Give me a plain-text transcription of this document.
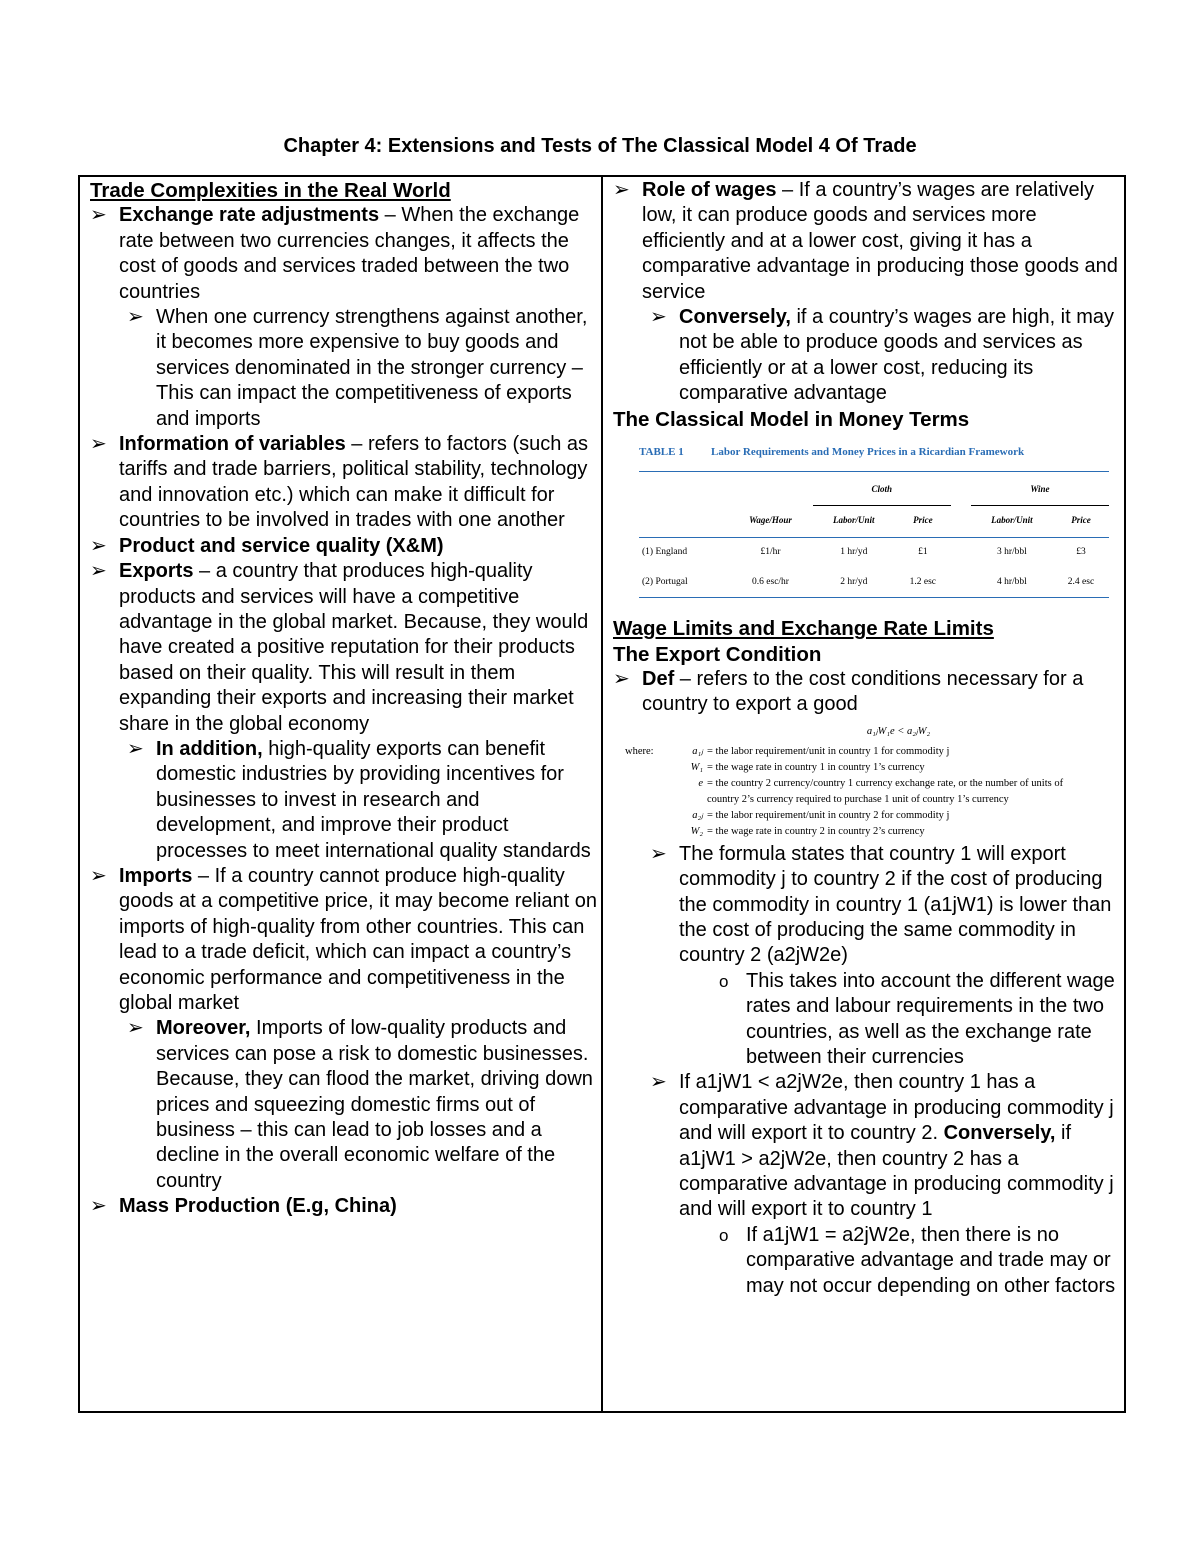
Chapter 4: Extensions and Tests of The Classical Model 4 Of Trade
Trade Complexities in the Real World
➢ Exchange rate adjustments – When the exchange rate between two currencies changes, it affects the cost of goods and services traded between the two countries
➢ When one currency strengthens against another, it becomes more expensive to buy goods and services denominated in the stronger currency – This can impact the competitiveness of exports and imports
➢ Information of variables – refers to factors (such as tariffs and trade barriers, political stability, technology and innovation etc.) which can make it difficult for countries to be involved in trades with one another
➢ Product and service quality (X&M)
➢ Exports – a country that produces high-quality products and services will have a competitive advantage in the global market. Because, they would have created a positive reputation for their products based on their quality. This will result in them expanding their exports and increasing their market share in the global economy
➢ In addition, high-quality exports can benefit domestic industries by providing incentives for businesses to invest in research and development, and improve their product processes to meet international quality standards
➢ Imports – If a country cannot produce high-quality goods at a competitive price, it may become reliant on imports of high-quality from other countries. This can lead to a trade deficit, which can impact a country’s economic performance and competitiveness in the global market
➢ Moreover, Imports of low-quality products and services can pose a risk to domestic businesses. Because, they can flood the market, driving down prices and squeezing domestic firms out of business – this can lead to job losses and a decline in the overall economic welfare of the country
➢ Mass Production (E.g, China)
➢ Role of wages – If a country’s wages are relatively low, it can produce goods and services more efficiently and at a lower cost, giving it has a comparative advantage in producing those goods and service
➢ Conversely, if a country’s wages are high, it may not be able to produce goods and services as efficiently or at a lower cost, reducing its comparative advantage
The Classical Model in Money Terms
TABLE 1 Labor Requirements and Money Prices in a Ricardian Framework
		Cloth			Wine	
	Wage/Hour	Labor/Unit	Price		Labor/Unit	Price
(1) England	£1/hr	1 hr/yd	£1		3 hr/bbl	£3
(2) Portugal	0.6 esc/hr	2 hr/yd	1.2 esc		4 hr/bbl	2.4 esc
Wage Limits and Exchange Rate Limits
The Export Condition
➢ Def – refers to the cost conditions necessary for a country to export a good
a₁ⱼW₁e < a₂ⱼW₂
where:	a₁ⱼ = the labor requirement/unit in country 1 for commodity j
W₁ = the wage rate in country 1 in country 1’s currency
e = the country 2 currency/country 1 currency exchange rate, or the number of units of country 2’s currency required to purchase 1 unit of country 1’s currency
a₂ⱼ = the labor requirement/unit in country 2 for commodity j
W₂ = the wage rate in country 2 in country 2’s currency
➢ The formula states that country 1 will export commodity j to country 2 if the cost of producing the commodity in country 1 (a1jW1) is lower than the cost of producing the same commodity in country 2 (a2jW2e)
o This takes into account the different wage rates and labour requirements in the two countries, as well as the exchange rate between their currencies
➢ If a1jW1 < a2jW2e, then country 1 has a comparative advantage in producing commodity j and will export it to country 2. Conversely, if a1jW1 > a2jW2e, then country 2 has a comparative advantage in producing commodity j and will export it to country 1
o If a1jW1 = a2jW2e, then there is no comparative advantage and trade may or may not occur depending on other factors
